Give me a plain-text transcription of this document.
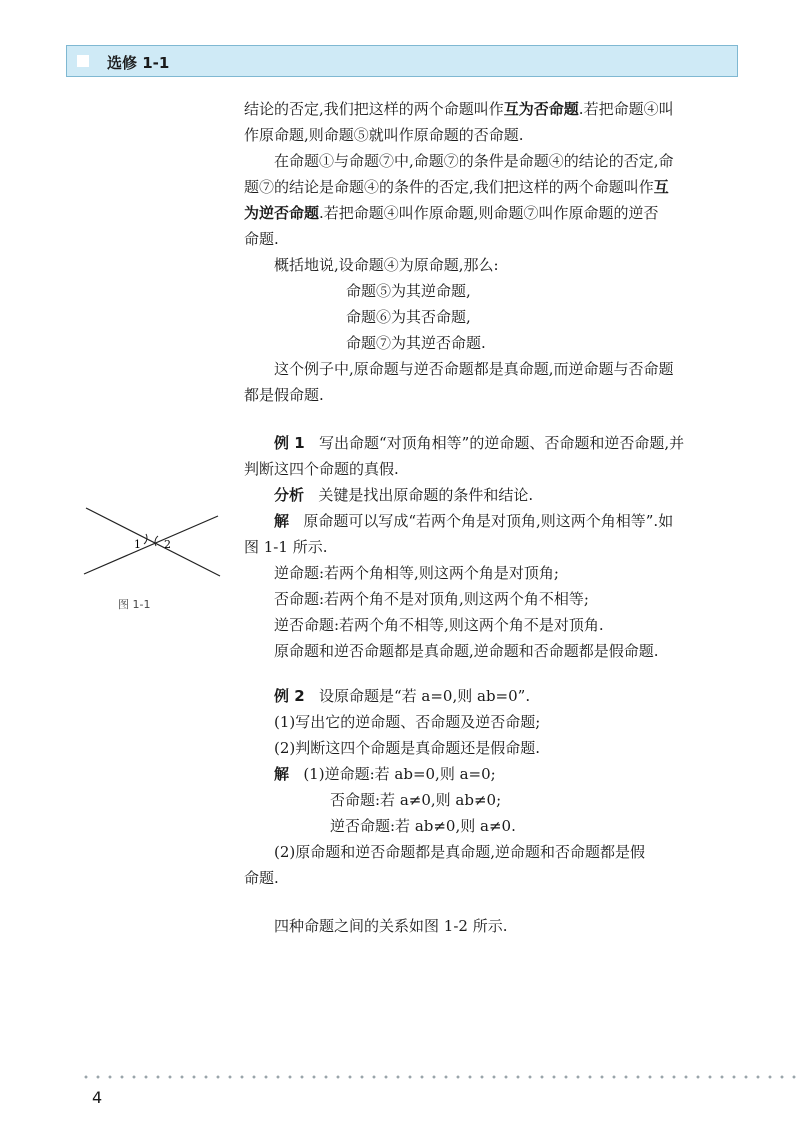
选修 1-1

结论的否定,我们把这样的两个命题叫作互为否命题.若把命题④叫

作原命题,则命题⑤就叫作原命题的否命题.

在命题①与命题⑦中,命题⑦的条件是命题④的结论的否定,命

题⑦的结论是命题④的条件的否定,我们把这样的两个命题叫作互

为逆否命题.若把命题④叫作原命题,则命题⑦叫作原命题的逆否

命题.

概括地说,设命题④为原命题,那么:

命题⑤为其逆命题,

命题⑥为其否命题,

命题⑦为其逆否命题.

这个例子中,原命题与逆否命题都是真命题,而逆命题与否命题

都是假命题.

例 1 写出命题“对顶角相等”的逆命题、否命题和逆否命题,并

判断这四个命题的真假.

分析 关键是找出原命题的条件和结论.

解 原命题可以写成“若两个角是对顶角,则这两个角相等”.如

图 1-1 所示.

逆命题:若两个角相等,则这两个角是对顶角;

否命题:若两个角不是对顶角,则这两个角不相等;

逆否命题:若两个角不相等,则这两个角不是对顶角.

原命题和逆否命题都是真命题,逆命题和否命题都是假命题.

1 2
图 1-1

例 2 设原命题是“若 a=0,则 ab=0”.

(1)写出它的逆命题、否命题及逆否命题;

(2)判断这四个命题是真命题还是假命题.

解 (1)逆命题:若 ab=0,则 a=0;

否命题:若 a≠0,则 ab≠0;

逆否命题:若 ab≠0,则 a≠0.

(2)原命题和逆否命题都是真命题,逆命题和否命题都是假

命题.

四种命题之间的关系如图 1-2 所示.

4
